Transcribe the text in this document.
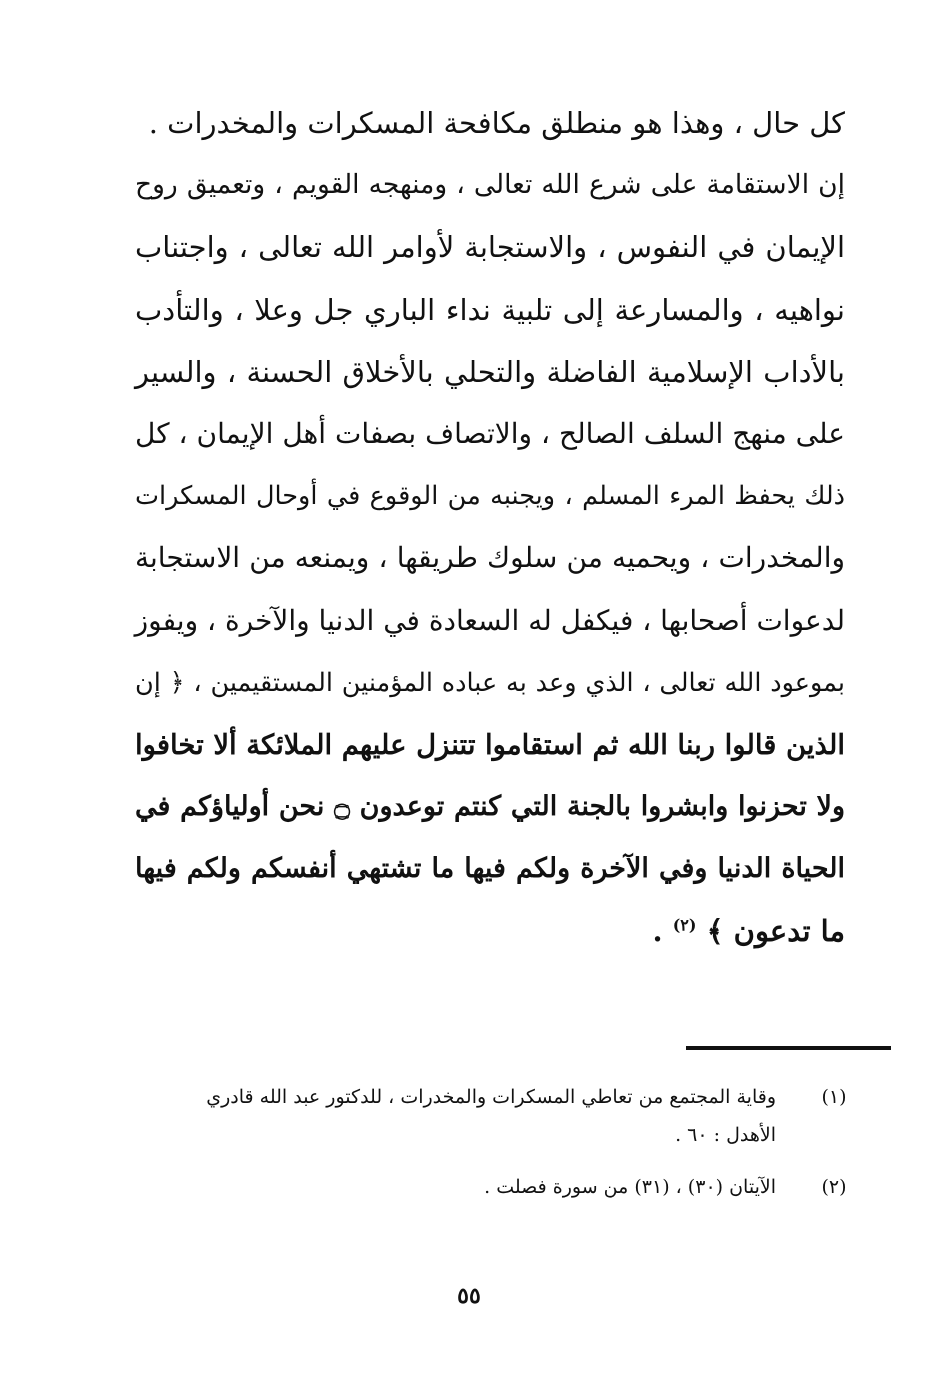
كل حال ، وهذا هو منطلق مكافحة المسكرات والمخدرات .
إن الاستقامة على شرع الله تعالى ، ومنهجه القويم ، وتعميق روح
الإيمان في النفوس ، والاستجابة لأوامر الله تعالى ، واجتناب
نواهيه ، والمسارعة إلى تلبية نداء الباري جل وعلا ، والتأدب
بالأداب الإسلامية الفاضلة والتحلي بالأخلاق الحسنة ، والسير
على منهج السلف الصالح ، والاتصاف بصفات أهل الإيمان ، كل
ذلك يحفظ المرء المسلم ، ويجنبه من الوقوع في أوحال المسكرات
والمخدرات ، ويحميه من سلوك طريقها ، ويمنعه من الاستجابة
لدعوات أصحابها ، فيكفل له السعادة في الدنيا والآخرة ، ويفوز
بموعود الله تعالى ، الذي وعد به عباده المؤمنين المستقيمين ، ﴿ إن
الذين قالوا ربنا الله ثم استقاموا تتنزل عليهم الملائكة ألا تخافوا
ولا تحزنوا وابشروا بالجنة التي كنتم توعدون ۝ نحن أولياؤكم في
الحياة الدنيا وفي الآخرة ولكم فيها ما تشتهي أنفسكم ولكم فيها
ما تدعون ﴾ $^{(٢)}$ .
(١)
وقاية المجتمع من تعاطي المسكرات والمخدرات ، للدكتور عبد الله قادري
الأهدل : ٦٠ .
(٢)
الآيتان (٣٠) ، (٣١) من سورة فصلت .
٥٥
